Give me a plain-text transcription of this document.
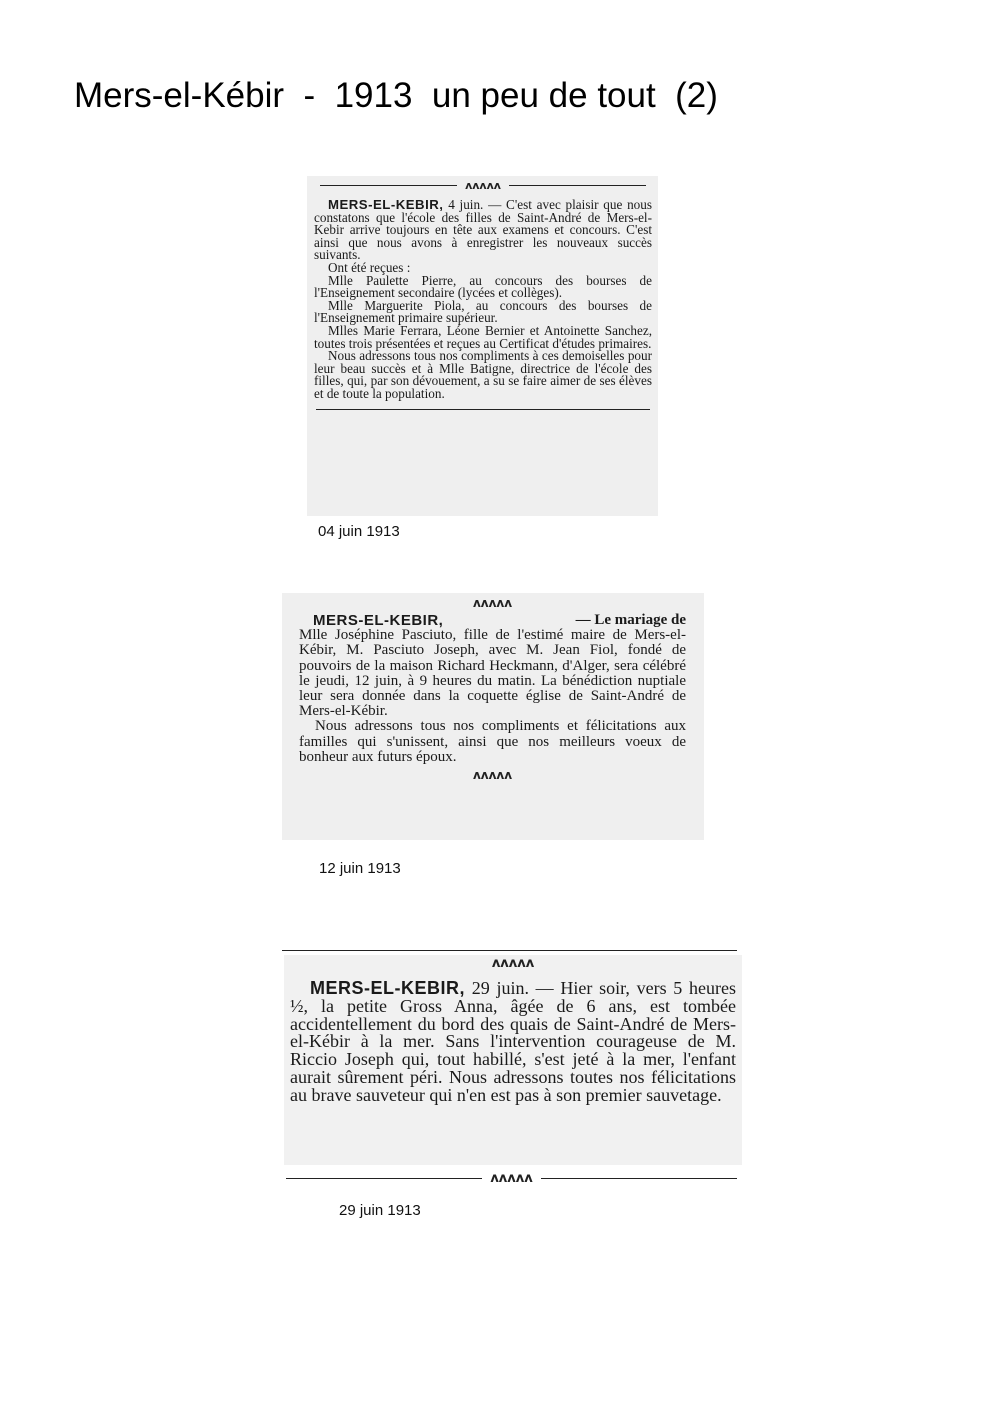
Mers-el-Kébir  -  1913  un peu de tout  (2)
ʌʌʌʌʌ

MERS-EL-KEBIR, 4 juin. — C'est avec plaisir que nous constatons que l'école des filles de Saint-André de Mers-el-Kebir arrive toujours en tête aux examens et concours. C'est ainsi que nous avons à enregistrer les nouveaux succès suivants.

Ont été reçues :

Mlle Paulette Pierre, au concours des bourses de l'Enseignement secondaire (lycées et collèges).

Mlle Marguerite Piola, au concours des bourses de l'Enseignement primaire supérieur.

Mlles Marie Ferrara, Léone Bernier et Antoinette Sanchez, toutes trois présentées et reçues au Certificat d'études primaires.

Nous adressons tous nos compliments à ces demoiselles pour leur beau succès et à Mlle Batigne, directrice de l'école des filles, qui, par son dévouement, a su se faire aimer de ses élèves et de toute la population.

04 juin 1913
ʌʌʌʌʌ
MERS-EL-KEBIR,	— Le mariage de

Mlle Joséphine Pasciuto, fille de l'estimé maire de Mers-el-Kébir, M. Pasciuto Joseph, avec M. Jean Fiol, fondé de pouvoirs de la maison Richard Heckmann, d'Alger, sera célébré le jeudi, 12 juin, à 9 heures du matin. La bénédiction nuptiale leur sera donnée dans la coquette église de Saint-André de Mers-el-Kébir.

Nous adressons tous nos compliments et félicitations aux familles qui s'unissent, ainsi que nos meilleurs voeux de bonheur aux futurs époux.

ʌʌʌʌʌ
12 juin 1913
ʌʌʌʌʌ

MERS-EL-KEBIR, 29 juin. — Hier soir, vers 5 heures ½, la petite Gross Anna, âgée de 6 ans, est tombée accidentellement du bord des quais de Saint-André de Mers-el-Kébir à la mer. Sans l'intervention courageuse de M. Riccio Joseph qui, tout habillé, s'est jeté à la mer, l'enfant aurait sûrement péri. Nous adressons toutes nos félicitations au brave sauveteur qui n'en est pas à son premier sauvetage.

ʌʌʌʌʌ
29 juin 1913
